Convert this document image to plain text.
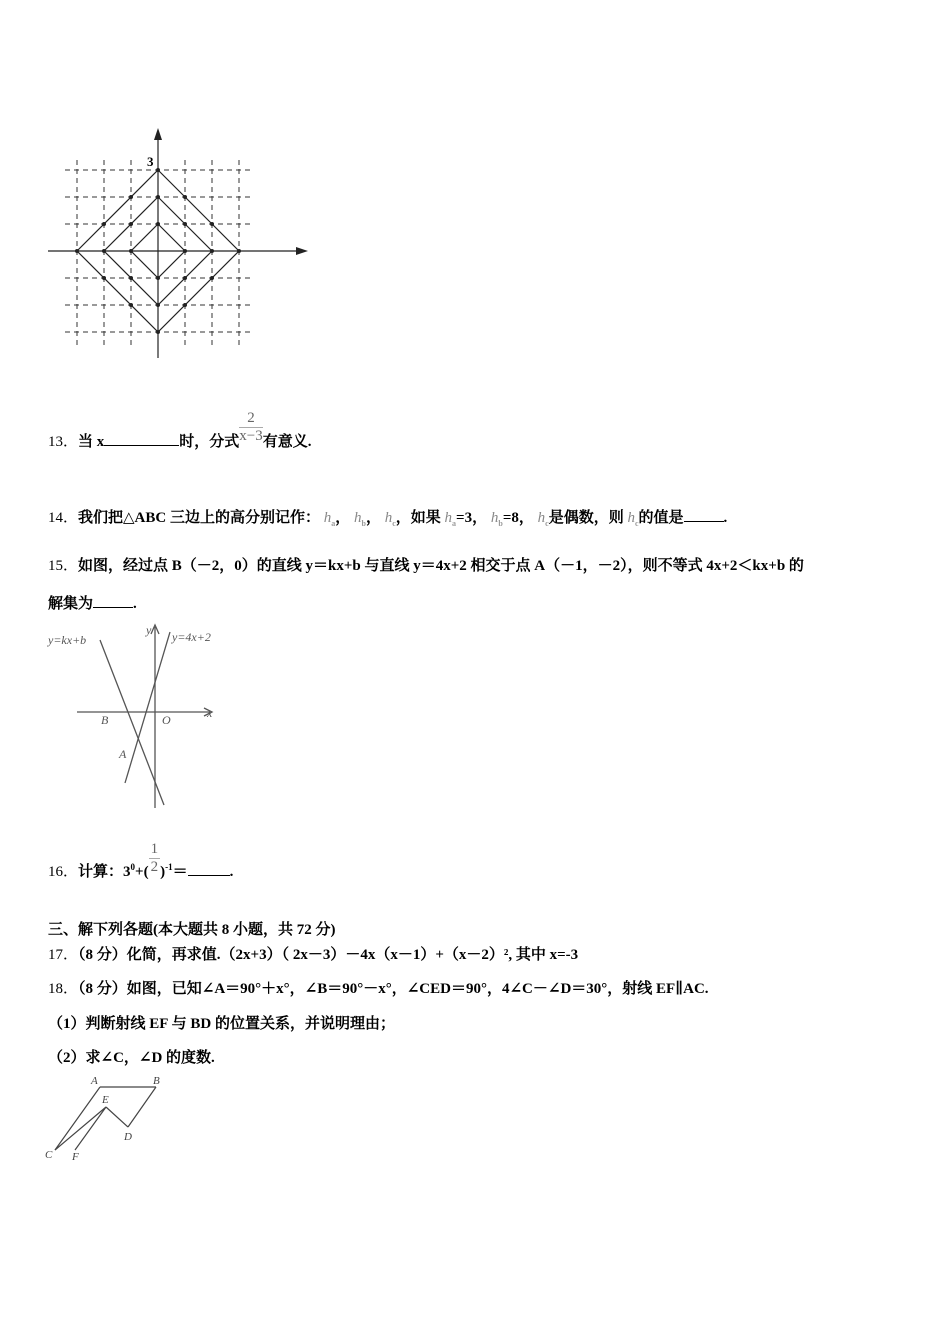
3
13．当 x	时，分式 $\frac{2}{x-3}$ 有意义.
14．我们把△ABC 三边上的高分别记作： $h_a$， $h_b$， $h_c$，如果 $h_a=3$， $h_b=8$， $h_c$是偶数，则 $h_c$的值是	.
15．如图，经过点 B（－2，0）的直线 y＝kx+b 与直线 y＝4x+2 相交于点 A（－1，－2），则不等式 4x+2＜kx+b 的
解集为	.
y=kx+b	y=4x+2
y
x
B	O
A
16．计算：$3^0+( \frac{1}{2} )^{-1}=$	.
三、解下列各题(本大题共 8 小题，共 72 分)
17．（8 分）化简，再求值.（2x+3）（ 2x－3）－4x（x－1）+（x－2）², 其中 x=-3
18．（8 分）如图，已知∠A＝90°＋x°，∠B＝90°－x°，∠CED＝90°，4∠C－∠D＝30°，射线 EF∥AC.
（1）判断射线 EF 与 BD 的位置关系，并说明理由；
（2）求∠C，∠D 的度数.
A	B
E
D
C F
